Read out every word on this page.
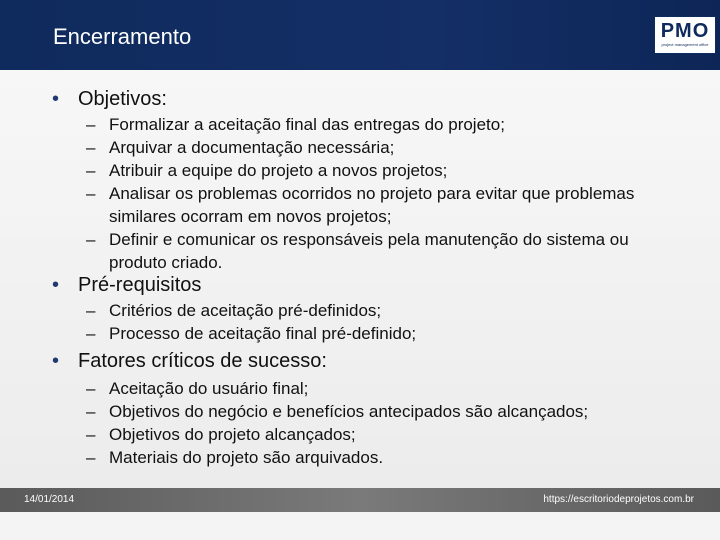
Encerramento	PMO
project management office
• Objetivos:
– Formalizar a aceitação final das entregas do projeto;
– Arquivar a documentação necessária;
– Atribuir a equipe do projeto a novos projetos;
– Analisar os problemas ocorridos no projeto para evitar que problemas similares ocorram em novos projetos;
– Definir e comunicar os responsáveis pela manutenção do sistema ou produto criado.
• Pré-requisitos
– Critérios de aceitação pré-definidos;
– Processo de aceitação final pré-definido;
• Fatores críticos de sucesso:
– Aceitação do usuário final;
– Objetivos do negócio e benefícios antecipados são alcançados;
– Objetivos do projeto alcançados;
– Materiais do projeto são arquivados.
14/01/2014	https://escritoriodeprojetos.com.br
